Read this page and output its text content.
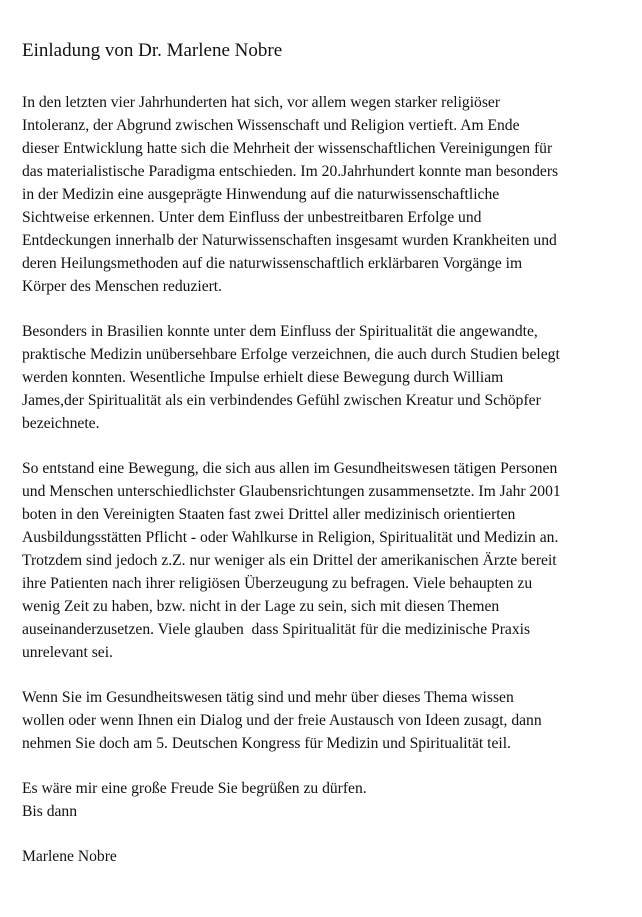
Einladung von Dr. Marlene Nobre
In den letzten vier Jahrhunderten hat sich, vor allem wegen starker religiöser
Intoleranz, der Abgrund zwischen Wissenschaft und Religion vertieft. Am Ende
dieser Entwicklung hatte sich die Mehrheit der wissenschaftlichen Vereinigungen für
das materialistische Paradigma entschieden. Im 20.Jahrhundert konnte man besonders
in der Medizin eine ausgeprägte Hinwendung auf die naturwissenschaftliche
Sichtweise erkennen. Unter dem Einfluss der unbestreitbaren Erfolge und
Entdeckungen innerhalb der Naturwissenschaften insgesamt wurden Krankheiten und
deren Heilungsmethoden auf die naturwissenschaftlich erklärbaren Vorgänge im
Körper des Menschen reduziert.
Besonders in Brasilien konnte unter dem Einfluss der Spiritualität die angewandte,
praktische Medizin unübersehbare Erfolge verzeichnen, die auch durch Studien belegt
werden konnten. Wesentliche Impulse erhielt diese Bewegung durch William
James,der Spiritualität als ein verbindendes Gefühl zwischen Kreatur und Schöpfer
bezeichnete.
So entstand eine Bewegung, die sich aus allen im Gesundheitswesen tätigen Personen
und Menschen unterschiedlichster Glaubensrichtungen zusammensetzte. Im Jahr 2001
boten in den Vereinigten Staaten fast zwei Drittel aller medizinisch orientierten
Ausbildungsstätten Pflicht - oder Wahlkurse in Religion, Spiritualität und Medizin an.
Trotzdem sind jedoch z.Z. nur weniger als ein Drittel der amerikanischen Ärzte bereit
ihre Patienten nach ihrer religiösen Überzeugung zu befragen. Viele behaupten zu
wenig Zeit zu haben, bzw. nicht in der Lage zu sein, sich mit diesen Themen
auseinanderzusetzen. Viele glauben  dass Spiritualität für die medizinische Praxis
unrelevant sei.
Wenn Sie im Gesundheitswesen tätig sind und mehr über dieses Thema wissen
wollen oder wenn Ihnen ein Dialog und der freie Austausch von Ideen zusagt, dann
nehmen Sie doch am 5. Deutschen Kongress für Medizin und Spiritualität teil.
Es wäre mir eine große Freude Sie begrüßen zu dürfen.
Bis dann
Marlene Nobre
